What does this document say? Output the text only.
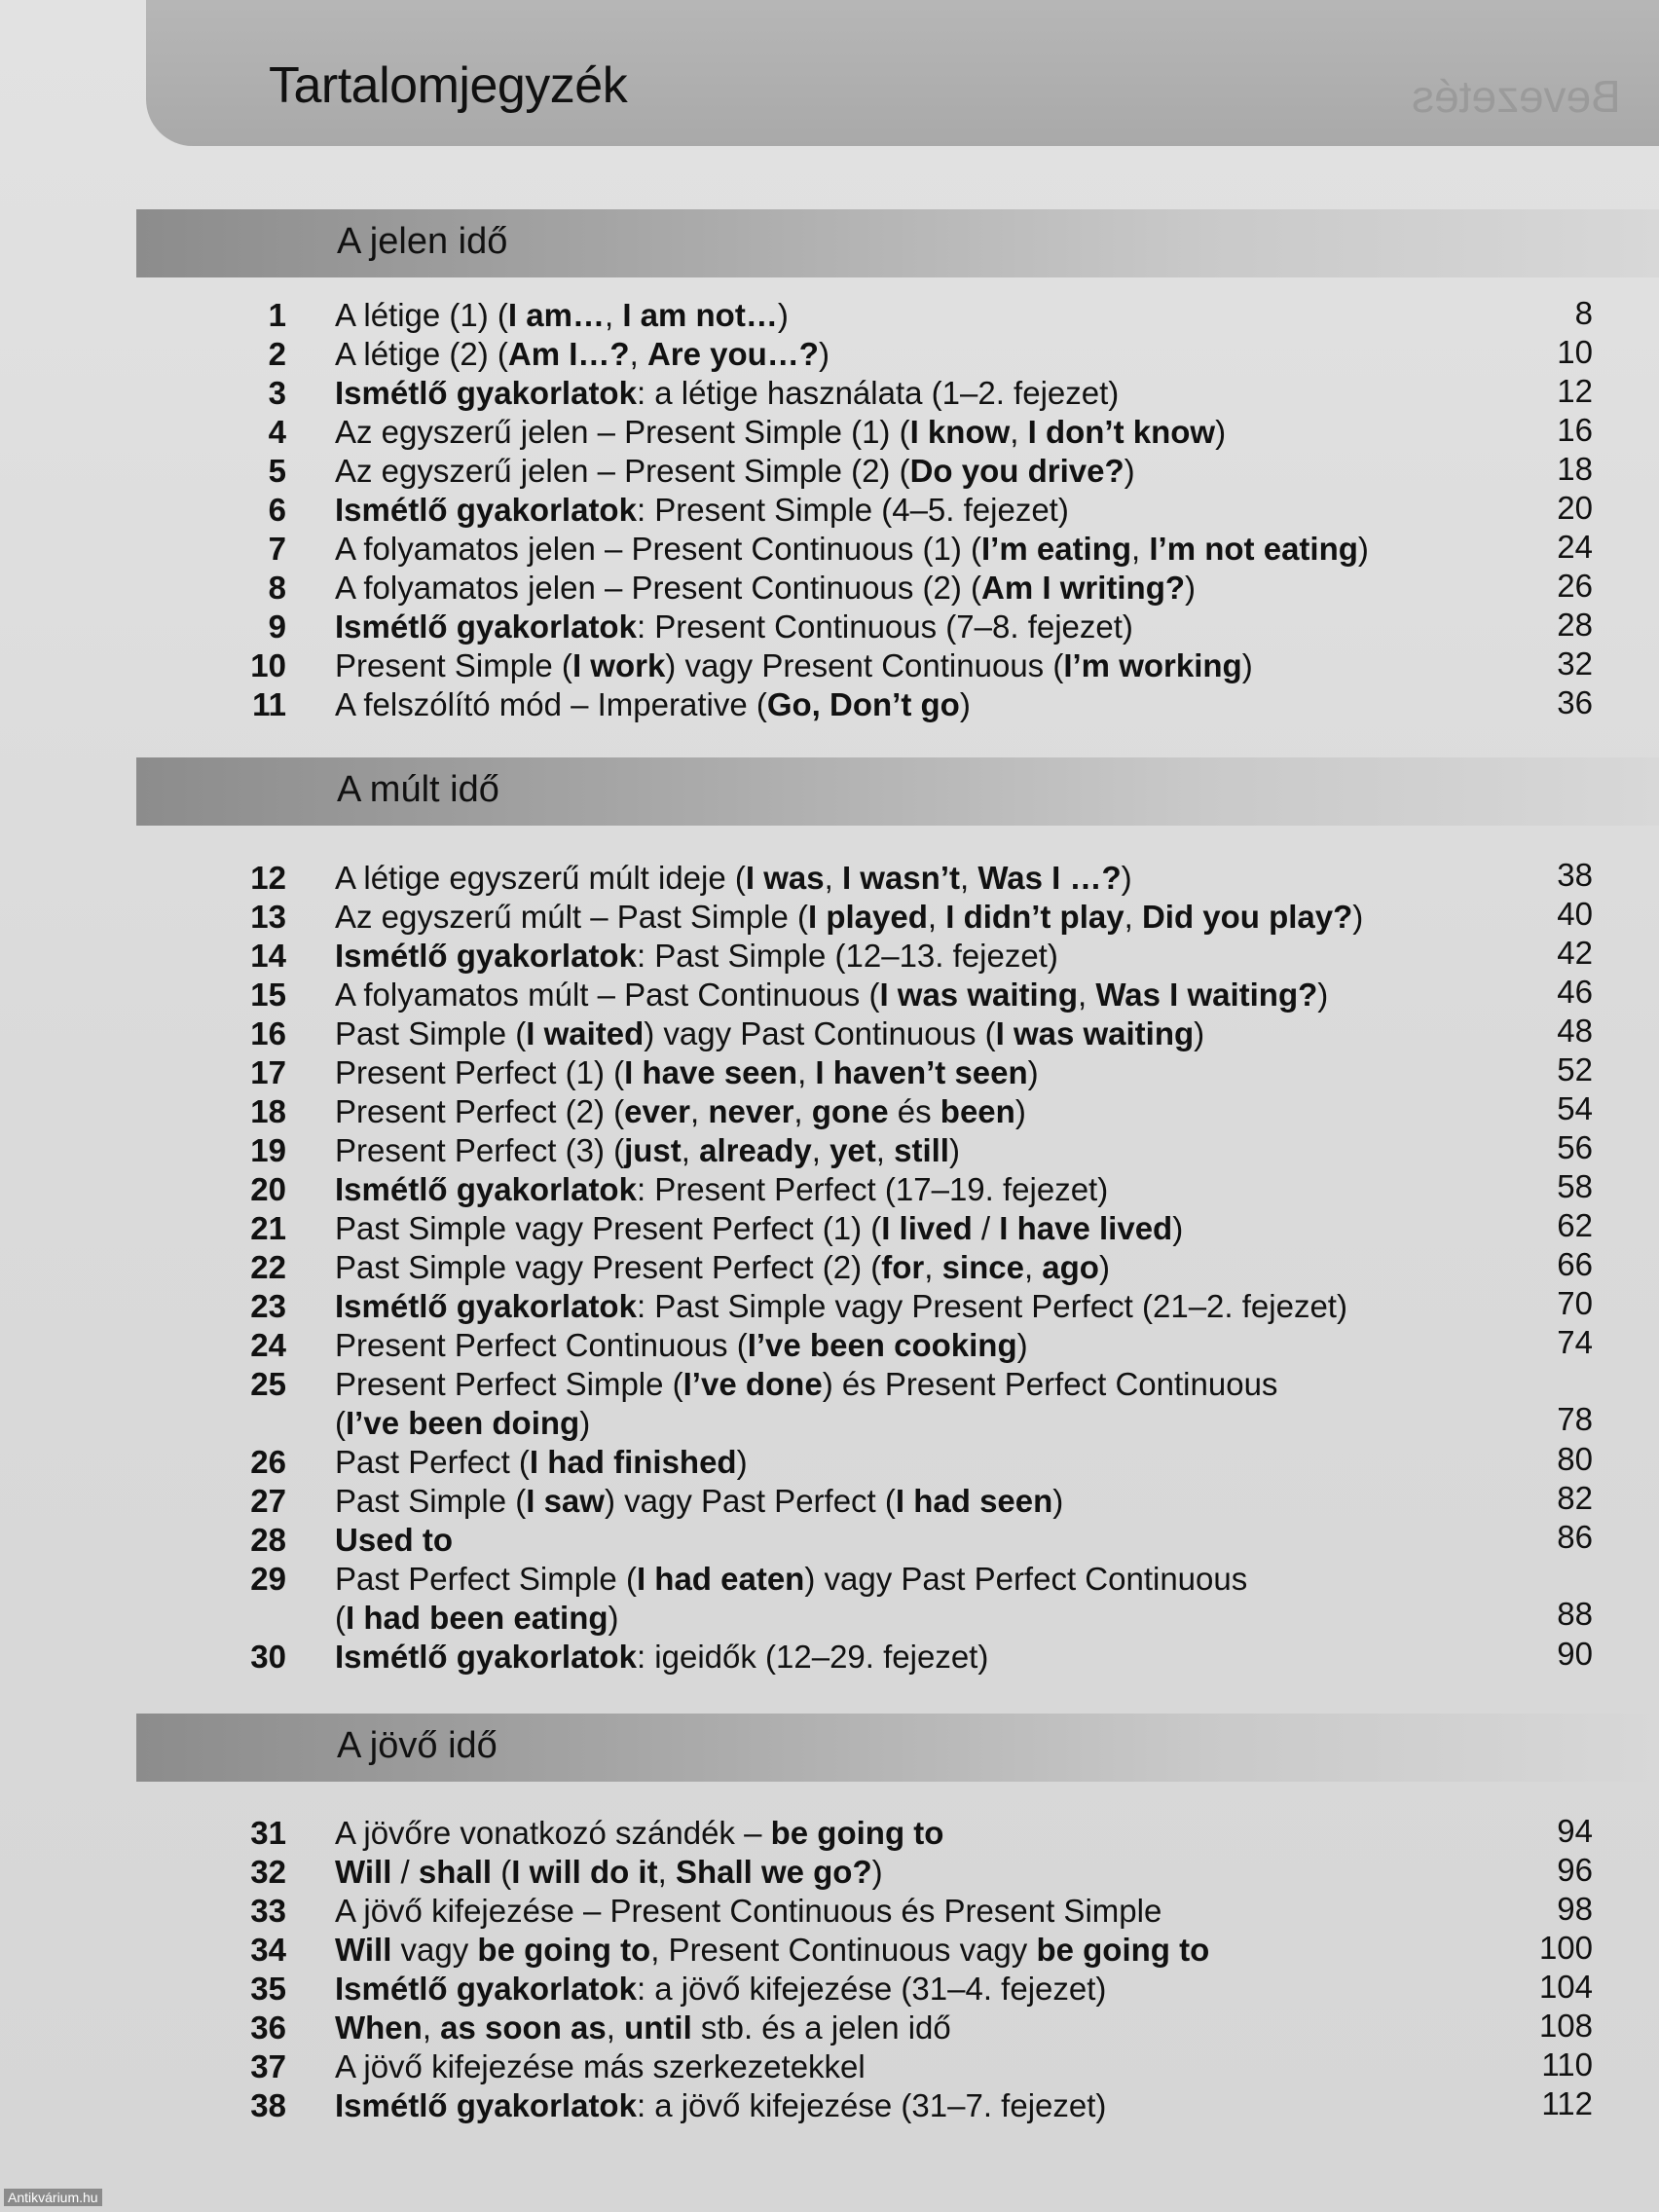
Tartalomjegyzék	Bevezetés
A jelen idő
1 A létige (1) (I am…, I am not…)	8
2 A létige (2) (Am I…?, Are you…?)	10
3 Ismétlő gyakorlatok: a létige használata (1–2. fejezet)	12
4 Az egyszerű jelen – Present Simple (1) (I know, I don’t know)	16
5 Az egyszerű jelen – Present Simple (2) (Do you drive?)	18
6 Ismétlő gyakorlatok: Present Simple (4–5. fejezet)	20
7 A folyamatos jelen – Present Continuous (1) (I’m eating, I’m not eating)	24
8 A folyamatos jelen – Present Continuous (2) (Am I writing?)	26
9 Ismétlő gyakorlatok: Present Continuous (7–8. fejezet)	28
10 Present Simple (I work) vagy Present Continuous (I’m working)	32
11 A felszólító mód – Imperative (Go, Don’t go)	36
A múlt idő
12 A létige egyszerű múlt ideje (I was, I wasn’t, Was I …?)	38
13 Az egyszerű múlt – Past Simple (I played, I didn’t play, Did you play?)	40
14 Ismétlő gyakorlatok: Past Simple (12–13. fejezet)	42
15 A folyamatos múlt – Past Continuous (I was waiting, Was I waiting?)	46
16 Past Simple (I waited) vagy Past Continuous (I was waiting)	48
17 Present Perfect (1) (I have seen, I haven’t seen)	52
18 Present Perfect (2) (ever, never, gone és been)	54
19 Present Perfect (3) (just, already, yet, still)	56
20 Ismétlő gyakorlatok: Present Perfect (17–19. fejezet)	58
21 Past Simple vagy Present Perfect (1) (I lived / I have lived)	62
22 Past Simple vagy Present Perfect (2) (for, since, ago)	66
23 Ismétlő gyakorlatok: Past Simple vagy Present Perfect (21–2. fejezet)	70
24 Present Perfect Continuous (I’ve been cooking)	74
25 Present Perfect Simple (I’ve done) és Present Perfect Continuous
(I’ve been doing)	78
26 Past Perfect (I had finished)	80
27 Past Simple (I saw) vagy Past Perfect (I had seen)	82
28 Used to	86
29 Past Perfect Simple (I had eaten) vagy Past Perfect Continuous
(I had been eating)	88
30 Ismétlő gyakorlatok: igeidők (12–29. fejezet)	90
A jövő idő
31 A jövőre vonatkozó szándék – be going to	94
32 Will / shall (I will do it, Shall we go?)	96
33 A jövő kifejezése – Present Continuous és Present Simple	98
34 Will vagy be going to, Present Continuous vagy be going to	100
35 Ismétlő gyakorlatok: a jövő kifejezése (31–4. fejezet)	104
36 When, as soon as, until stb. és a jelen idő	108
37 A jövő kifejezése más szerkezetekkel	110
38 Ismétlő gyakorlatok: a jövő kifejezése (31–7. fejezet)	112
Antikvárium.hu
